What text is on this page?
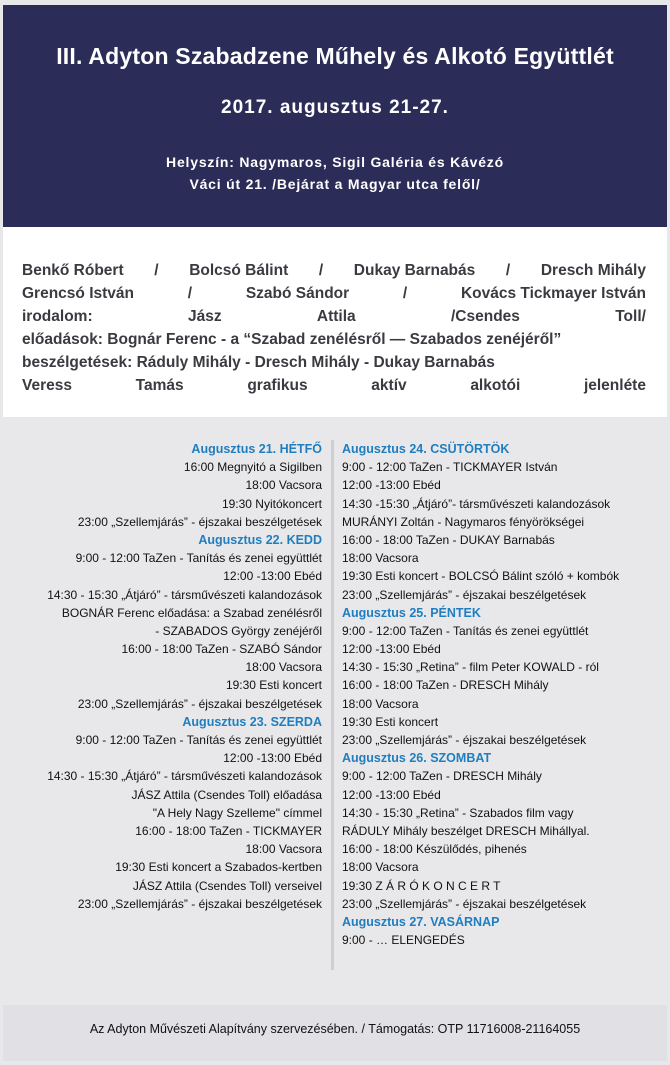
III. Adyton Szabadzene Műhely és Alkotó Együttlét
2017. augusztus 21-27.
Helyszín: Nagymaros, Sigil Galéria és Kávézó
Váci út 21. /Bejárat a Magyar utca felől/
Benkő Róbert / Bolcsó Bálint / Dukay Barnabás / Dresch Mihály
Grencsó István	/	Szabó Sándor	/	Kovács Tickmayer István
irodalom:	Jász	Attila	/Csendes	Toll/
előadások: Bognár Ferenc - a “Szabad zenélésről — Szabados zenéjéről”
beszélgetések: Ráduly Mihály - Dresch Mihály - Dukay Barnabás
Veress	Tamás	grafikus	aktív	alkotói	jelenléte
Augusztus 21. HÉTFŐ
16:00 Megnyitó a Sigilben
18:00 Vacsora
19:30 Nyitókoncert
23:00 „Szellemjárás” - éjszakai beszélgetések
Augusztus 22. KEDD
9:00 - 12:00 TaZen - Tanítás és zenei együttlét
12:00 -13:00 Ebéd
14:30 - 15:30 „Átjáró” - társművészeti kalandozások
BOGNÁR Ferenc előadása: a Szabad zenélésről
- SZABADOS György zenéjéről
16:00 - 18:00 TaZen - SZABÓ Sándor
18:00 Vacsora
19:30 Esti koncert
23:00 „Szellemjárás” - éjszakai beszélgetések
Augusztus 23. SZERDA
9:00 - 12:00 TaZen - Tanítás és zenei együttlét
12:00 -13:00 Ebéd
14:30 - 15:30 „Átjáró” - társművészeti kalandozások
JÁSZ Attila (Csendes Toll) előadása
"A Hely Nagy Szelleme" címmel
16:00 - 18:00 TaZen - TICKMAYER
18:00 Vacsora
19:30 Esti koncert a Szabados-kertben
JÁSZ Attila (Csendes Toll) verseivel
23:00 „Szellemjárás” - éjszakai beszélgetések
Augusztus 24. CSÜTÖRTÖK
9:00 - 12:00 TaZen - TICKMAYER István
12:00 -13:00 Ebéd
14:30 -15:30 „Átjáró”- társművészeti kalandozások
MURÁNYI Zoltán - Nagymaros fényörökségei
16:00 - 18:00 TaZen - DUKAY Barnabás
18:00 Vacsora
19:30 Esti koncert - BOLCSÓ Bálint szóló + kombók
23:00 „Szellemjárás” - éjszakai beszélgetések
Augusztus 25. PÉNTEK
9:00 - 12:00 TaZen - Tanítás és zenei együttlét
12:00 -13:00 Ebéd
14:30 - 15:30 „Retina” - film Peter KOWALD - ról
16:00 - 18:00 TaZen - DRESCH Mihály
18:00 Vacsora
19:30 Esti koncert
23:00 „Szellemjárás” - éjszakai beszélgetések
Augusztus 26. SZOMBAT
9:00 - 12:00 TaZen - DRESCH Mihály
12:00 -13:00 Ebéd
14:30 - 15:30 „Retina” - Szabados film vagy
RÁDULY Mihály beszélget DRESCH Mihállyal.
16:00 - 18:00 Készülődés, pihenés
18:00 Vacsora
19:30 Z Á R Ó K O N C E R T
23:00 „Szellemjárás” - éjszakai beszélgetések
Augusztus 27. VASÁRNAP
9:00 - … ELENGEDÉS
Az Adyton Művészeti Alapítvány szervezésében. / Támogatás: OTP 11716008-21164055
